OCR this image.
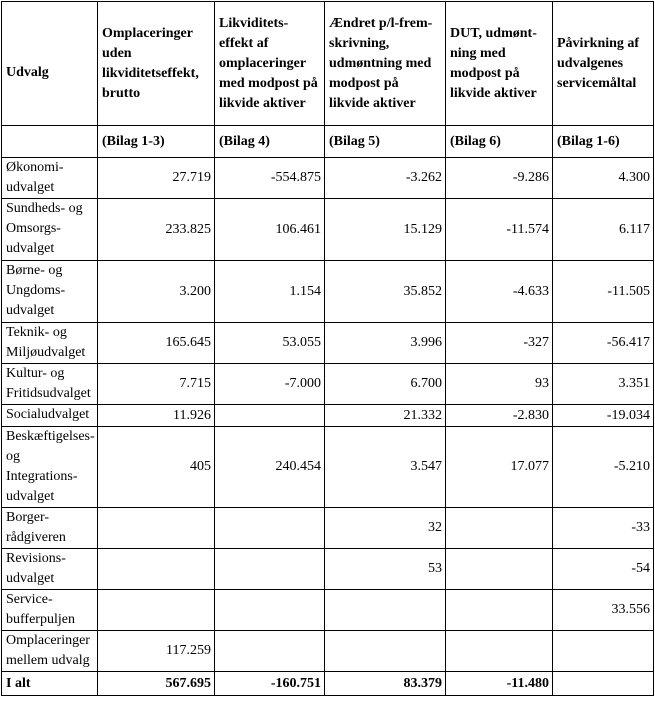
Udvalg	Omplaceringer uden likviditetseffekt, brutto	Likviditets-
effekt af omplaceringer med modpost på likvide aktiver	Ændret p/l-frem-
skrivning, udmøntning med modpost på likvide aktiver	DUT, udmønt-
ning med modpost på likvide aktiver	Påvirkning af udvalgenes servicemåltal
	(Bilag 1-3)	(Bilag 4)	(Bilag 5)	(Bilag 6)	(Bilag 1-6)
Økonomi-
udvalget	27.719	-554.875	-3.262	-9.286	4.300
Sundheds- og
Omsorgs-
udvalget	233.825	106.461	15.129	-11.574	6.117
Børne- og
Ungdoms-
udvalget	3.200	1.154	35.852	-4.633	-11.505
Teknik- og
Miljøudvalget	165.645	53.055	3.996	-327	-56.417
Kultur- og
Fritidsudvalget	7.715	-7.000	6.700	93	3.351
Socialudvalget	11.926		21.332	-2.830	-19.034
Beskæftigelses-
og Integrations-
udvalget	405	240.454	3.547	17.077	-5.210
Borger-
rådgiveren			32		-33
Revisions-
udvalget			53		-54
Service-
bufferpuljen					33.556
Omplaceringer
mellem udvalg	117.259				
I alt	567.695	-160.751	83.379	-11.480	
